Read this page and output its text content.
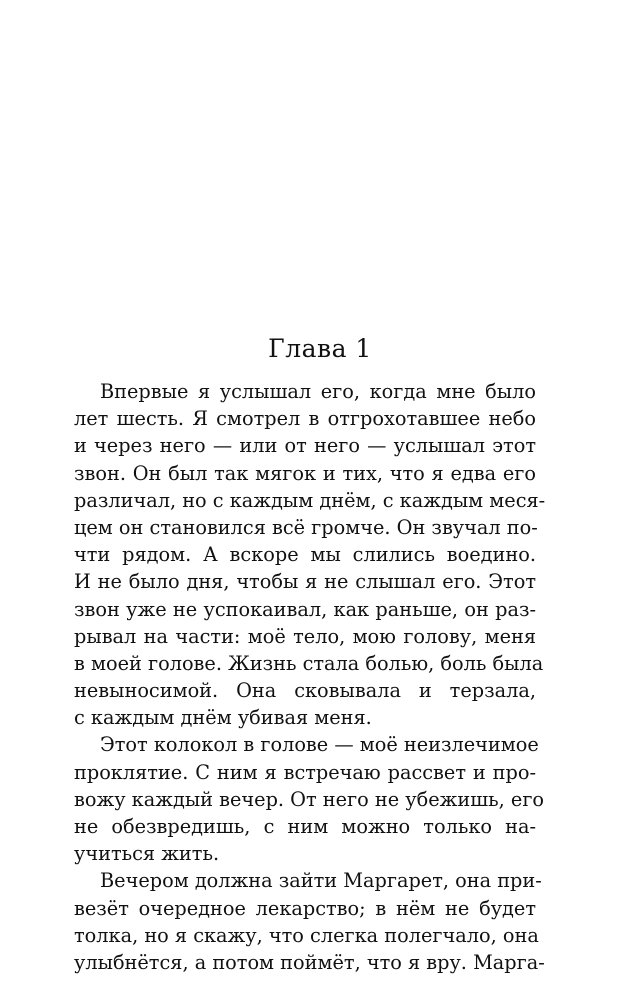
Глава 1
Впервые я услышал его, когда мне было
лет шесть. Я смотрел в отгрохотавшее небо
и через него — или от него — услышал этот
звон. Он был так мягок и тих, что я едва его
различал, но с каждым днём, с каждым меся-
цем он становился всё громче. Он звучал по-
чти рядом. А вскоре мы слились воедино.
И не было дня, чтобы я не слышал его. Этот
звон уже не успокаивал, как раньше, он раз-
рывал на части: моё тело, мою голову, меня
в моей голове. Жизнь стала болью, боль была
невыносимой. Она сковывала и терзала,
с каждым днём убивая меня.
Этот колокол в голове — моё неизлечимое
проклятие. С ним я встречаю рассвет и про-
вожу каждый вечер. От него не убежишь, его
не обезвредишь, с ним можно только на-
учиться жить.
Вечером должна зайти Маргарет, она при-
везёт очередное лекарство; в нём не будет
толка, но я скажу, что слегка полегчало, она
улыбнётся, а потом поймёт, что я вру. Марга-
